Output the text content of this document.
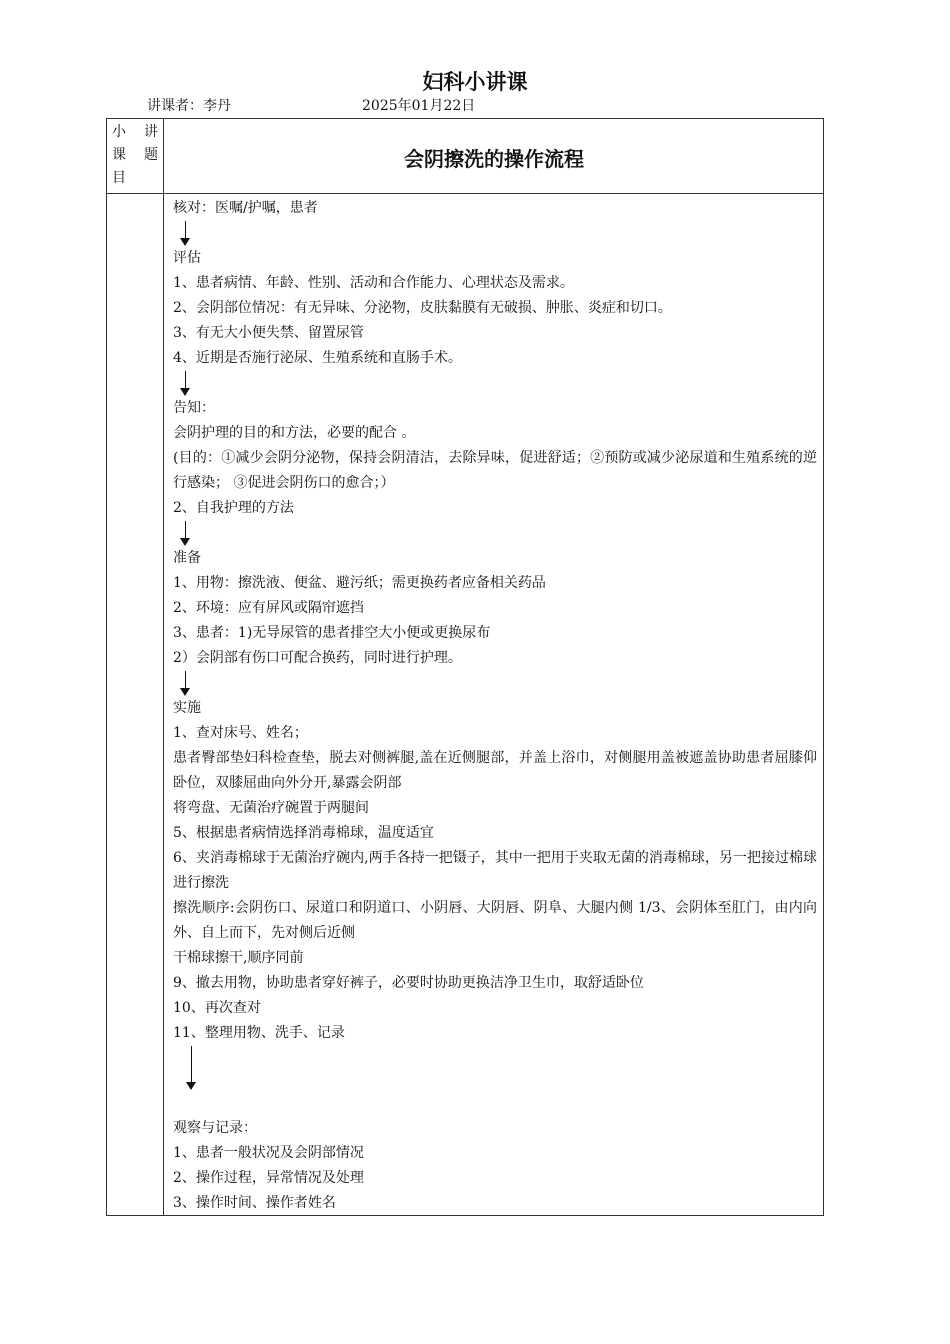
妇科小讲课
讲课者：李丹	2025年01月22日
小 讲
课 题
目
会阴擦洗的操作流程
核对：医嘱/护嘱，患者
评估
1、患者病情、年龄、性别、活动和合作能力、心理状态及需求。
2、会阴部位情况：有无异味、分泌物，皮肤黏膜有无破损、肿胀、炎症和切口。
3、有无大小便失禁、留置尿管
4、近期是否施行泌尿、生殖系统和直肠手术。
告知：
会阴护理的目的和方法，必要的配合 。
(目的：①减少会阴分泌物，保持会阴清洁，去除异味，促进舒适；②预防或减少泌尿道和生殖系统的逆行感染； ③促进会阴伤口的愈合；）
2、自我护理的方法
准备
1、用物：擦洗液、便盆、避污纸；需更换药者应备相关药品
2、环境：应有屏风或隔帘遮挡
3、患者：1)无导尿管的患者排空大小便或更换尿布
2）会阴部有伤口可配合换药，同时进行护理。
实施
1、查对床号、姓名；
患者臀部垫妇科检查垫，脱去对侧裤腿,盖在近侧腿部，并盖上浴巾，对侧腿用盖被遮盖协助患者屈膝仰卧位，双膝屈曲向外分开,暴露会阴部
将弯盘、无菌治疗碗置于两腿间
5、根据患者病情选择消毒棉球，温度适宜
6、夹消毒棉球于无菌治疗碗内,两手各持一把镊子，其中一把用于夹取无菌的消毒棉球，另一把接过棉球进行擦洗
擦洗顺序:会阴伤口、尿道口和阴道口、小阴唇、大阴唇、阴阜、大腿内侧 1/3、会阴体至肛门，由内向外、自上而下，先对侧后近侧
干棉球擦干,顺序同前
9、撤去用物，协助患者穿好裤子，必要时协助更换洁净卫生巾，取舒适卧位
10、再次查对
11、整理用物、洗手、记录
观察与记录：
1、患者一般状况及会阴部情况
2、操作过程，异常情况及处理
3、操作时间、操作者姓名
